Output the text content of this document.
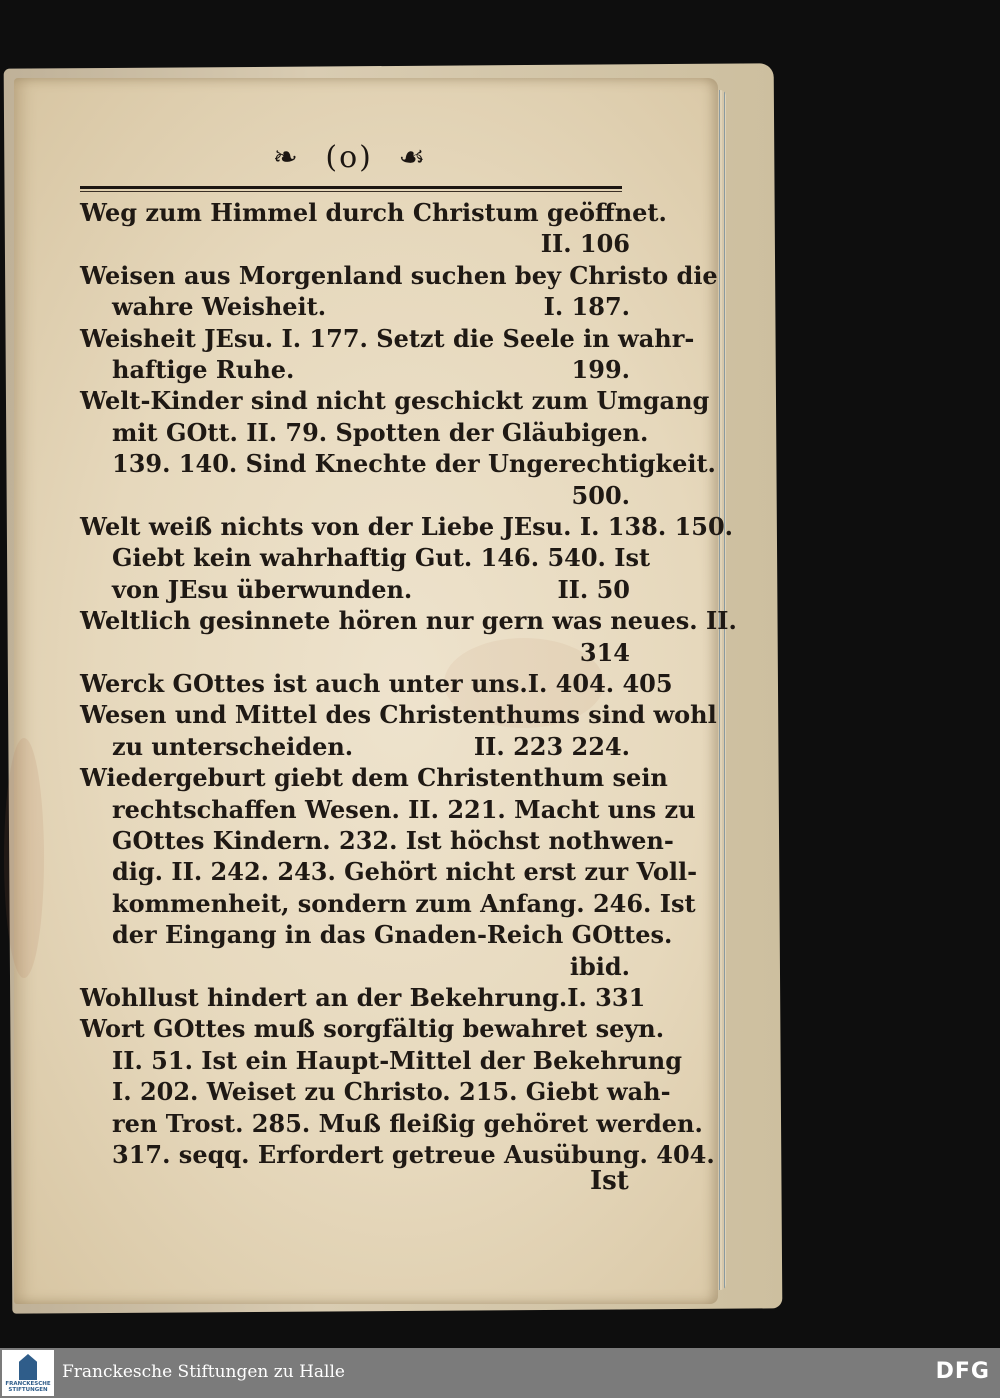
❧ (o) ☙
Weg zum Himmel durch Christum geöffnet.
II. 106
Weisen aus Morgenland suchen bey Christo die
wahre Weisheit.	I. 187.
Weisheit JEsu. I. 177. Setzt die Seele in wahr-
haftige Ruhe.	199.
Welt-Kinder sind nicht geschickt zum Umgang
mit GOtt. II. 79. Spotten der Gläubigen.
139. 140. Sind Knechte der Ungerechtigkeit.
500.
Welt weiß nichts von der Liebe JEsu. I. 138. 150.
Giebt kein wahrhaftig Gut. 146. 540. Ist
von JEsu überwunden.	II. 50
Weltlich gesinnete hören nur gern was neues. II.
314
Werck GOttes ist auch unter uns. I. 404. 405
Wesen und Mittel des Christenthums sind wohl
zu unterscheiden.	II. 223 224.
Wiedergeburt giebt dem Christenthum sein
rechtschaffen Wesen. II. 221. Macht uns zu
GOttes Kindern. 232. Ist höchst nothwen-
dig. II. 242. 243. Gehört nicht erst zur Voll-
kommenheit, sondern zum Anfang. 246. Ist
der Eingang in das Gnaden-Reich GOttes.
ibid.
Wohllust hindert an der Bekehrung. I. 331
Wort GOttes muß sorgfältig bewahret seyn.
II. 51. Ist ein Haupt-Mittel der Bekehrung
I. 202. Weiset zu Christo. 215. Giebt wah-
ren Trost. 285. Muß fleißig gehöret werden.
317. seqq. Erfordert getreue Ausübung. 404.
Ist
FRANCKESCHE STIFTUNGEN
Franckesche Stiftungen zu Halle	DFG
